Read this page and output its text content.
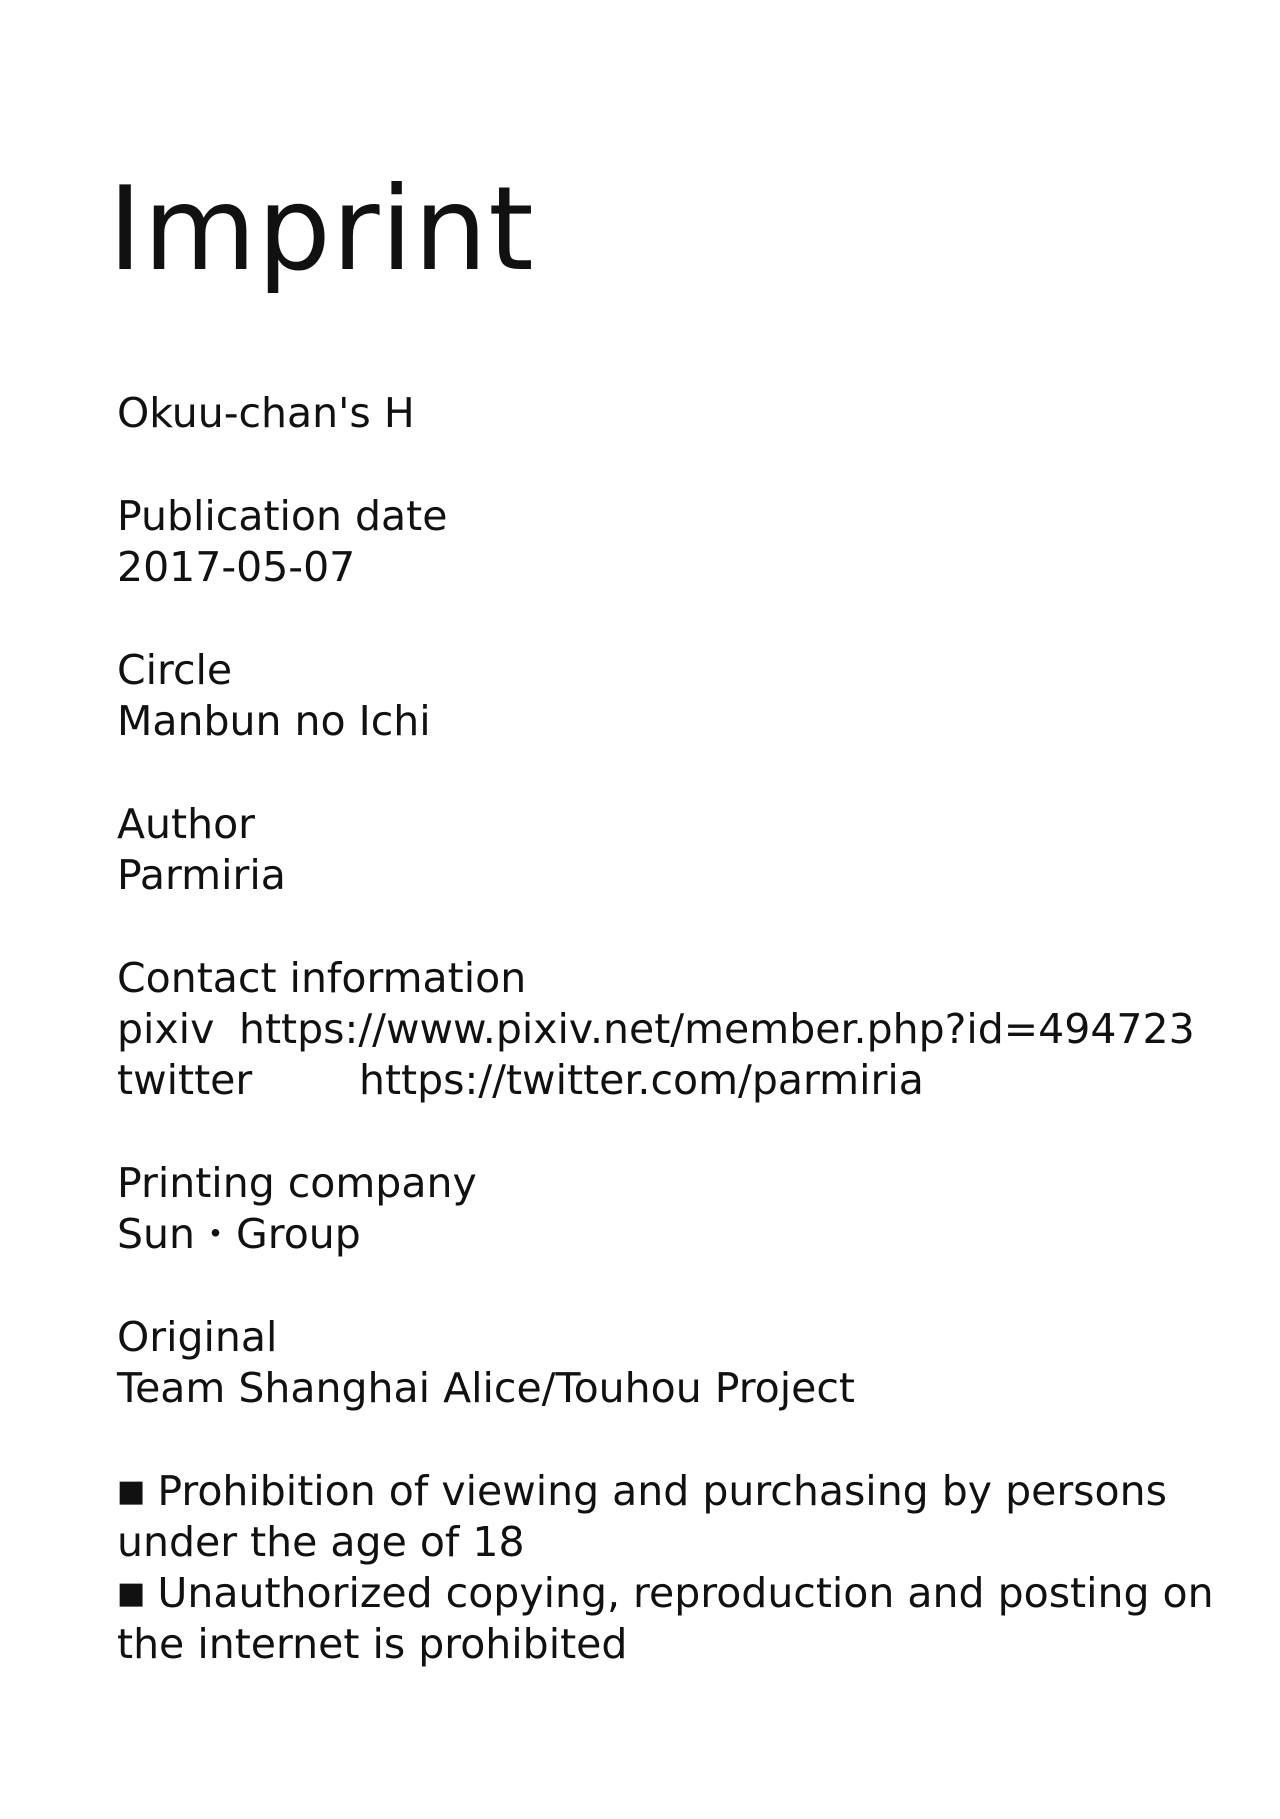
Imprint
Okuu-chan's H
Publication date
2017-05-07
Circle
Manbun no Ichi
Author
Parmiria
Contact information
pixiv https://www.pixiv.net/member.php?id=494723
twitter	https://twitter.com/parmiria
Printing company
Sun・Group
Original
Team Shanghai Alice/Touhou Project
■ Prohibition of viewing and purchasing by persons under the age of 18
■ Unauthorized copying, reproduction and posting on the internet is prohibited
